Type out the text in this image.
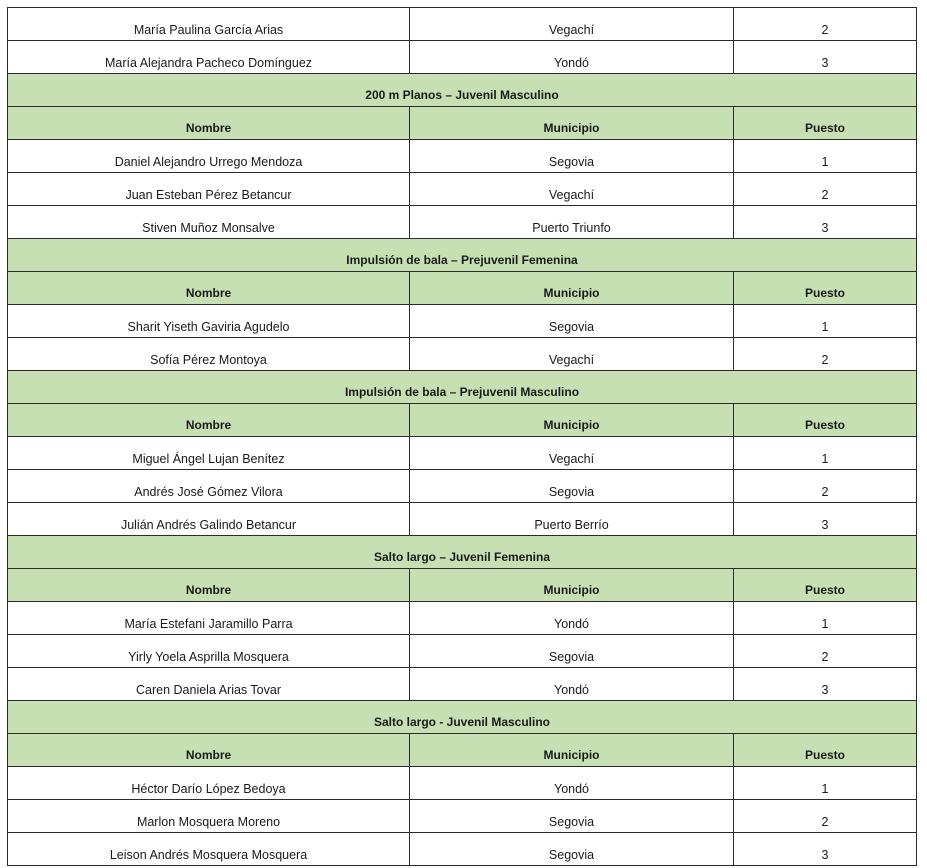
María Paulina García Arias	Vegachí	2
María Alejandra Pacheco Domínguez	Yondó	3
200 m Planos – Juvenil Masculino		
Nombre	Municipio	Puesto
Daniel Alejandro Urrego Mendoza	Segovia	1
Juan Esteban Pérez Betancur	Vegachí	2
Stiven Muñoz Monsalve	Puerto Triunfo	3
Impulsión de bala – Prejuvenil Femenina		
Nombre	Municipio	Puesto
Sharit Yiseth Gaviria Agudelo	Segovia	1
Sofía Pérez Montoya	Vegachí	2
Impulsión de bala – Prejuvenil Masculino		
Nombre	Municipio	Puesto
Miguel Ángel Lujan Benítez	Vegachí	1
Andrés José Gómez Vilora	Segovia	2
Julián Andrés Galindo Betancur	Puerto Berrío	3
Salto largo – Juvenil Femenina		
Nombre	Municipio	Puesto
María Estefani Jaramillo Parra	Yondó	1
Yirly Yoela Asprilla Mosquera	Segovia	2
Caren Daniela Arias Tovar	Yondó	3
Salto largo - Juvenil Masculino		
Nombre	Municipio	Puesto
Héctor Darío López Bedoya	Yondó	1
Marlon Mosquera Moreno	Segovia	2
Leison Andrés Mosquera Mosquera	Segovia	3
